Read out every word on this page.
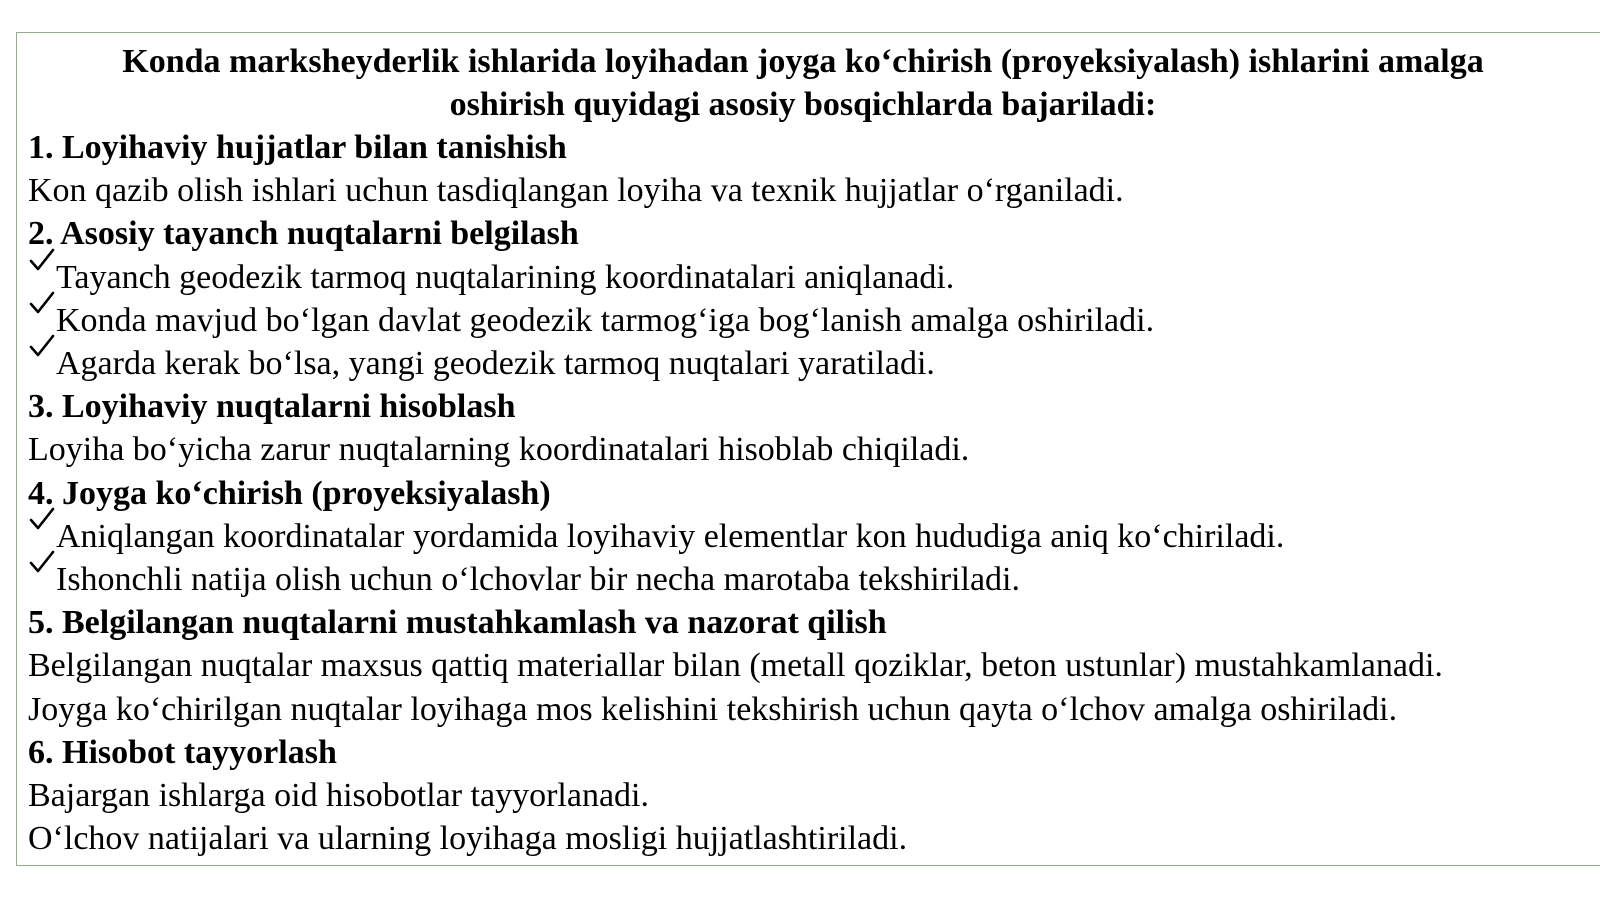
Konda marksheyderlik ishlarida loyihadan joyga ko‘chirish (proyeksiyalash) ishlarini amalga
oshirish quyidagi asosiy bosqichlarda bajariladi:

1. Loyihaviy hujjatlar bilan tanishish

Kon qazib olish ishlari uchun tasdiqlangan loyiha va texnik hujjatlar o‘rganiladi.

2. Asosiy tayanch nuqtalarni belgilash

Tayanch geodezik tarmoq nuqtalarining koordinatalari aniqlanadi.
Konda mavjud bo‘lgan davlat geodezik tarmog‘iga bog‘lanish amalga oshiriladi.
Agarda kerak bo‘lsa, yangi geodezik tarmoq nuqtalari yaratiladi.

3. Loyihaviy nuqtalarni hisoblash

Loyiha bo‘yicha zarur nuqtalarning koordinatalari hisoblab chiqiladi.

4. Joyga ko‘chirish (proyeksiyalash)

Aniqlangan koordinatalar yordamida loyihaviy elementlar kon hududiga aniq ko‘chiriladi.
Ishonchli natija olish uchun o‘lchovlar bir necha marotaba tekshiriladi.

5. Belgilangan nuqtalarni mustahkamlash va nazorat qilish

Belgilangan nuqtalar maxsus qattiq materiallar bilan (metall qoziklar, beton ustunlar) mustahkamlanadi.

Joyga ko‘chirilgan nuqtalar loyihaga mos kelishini tekshirish uchun qayta o‘lchov amalga oshiriladi.

6. Hisobot tayyorlash

Bajargan ishlarga oid hisobotlar tayyorlanadi.

O‘lchov natijalari va ularning loyihaga mosligi hujjatlashtiriladi.
